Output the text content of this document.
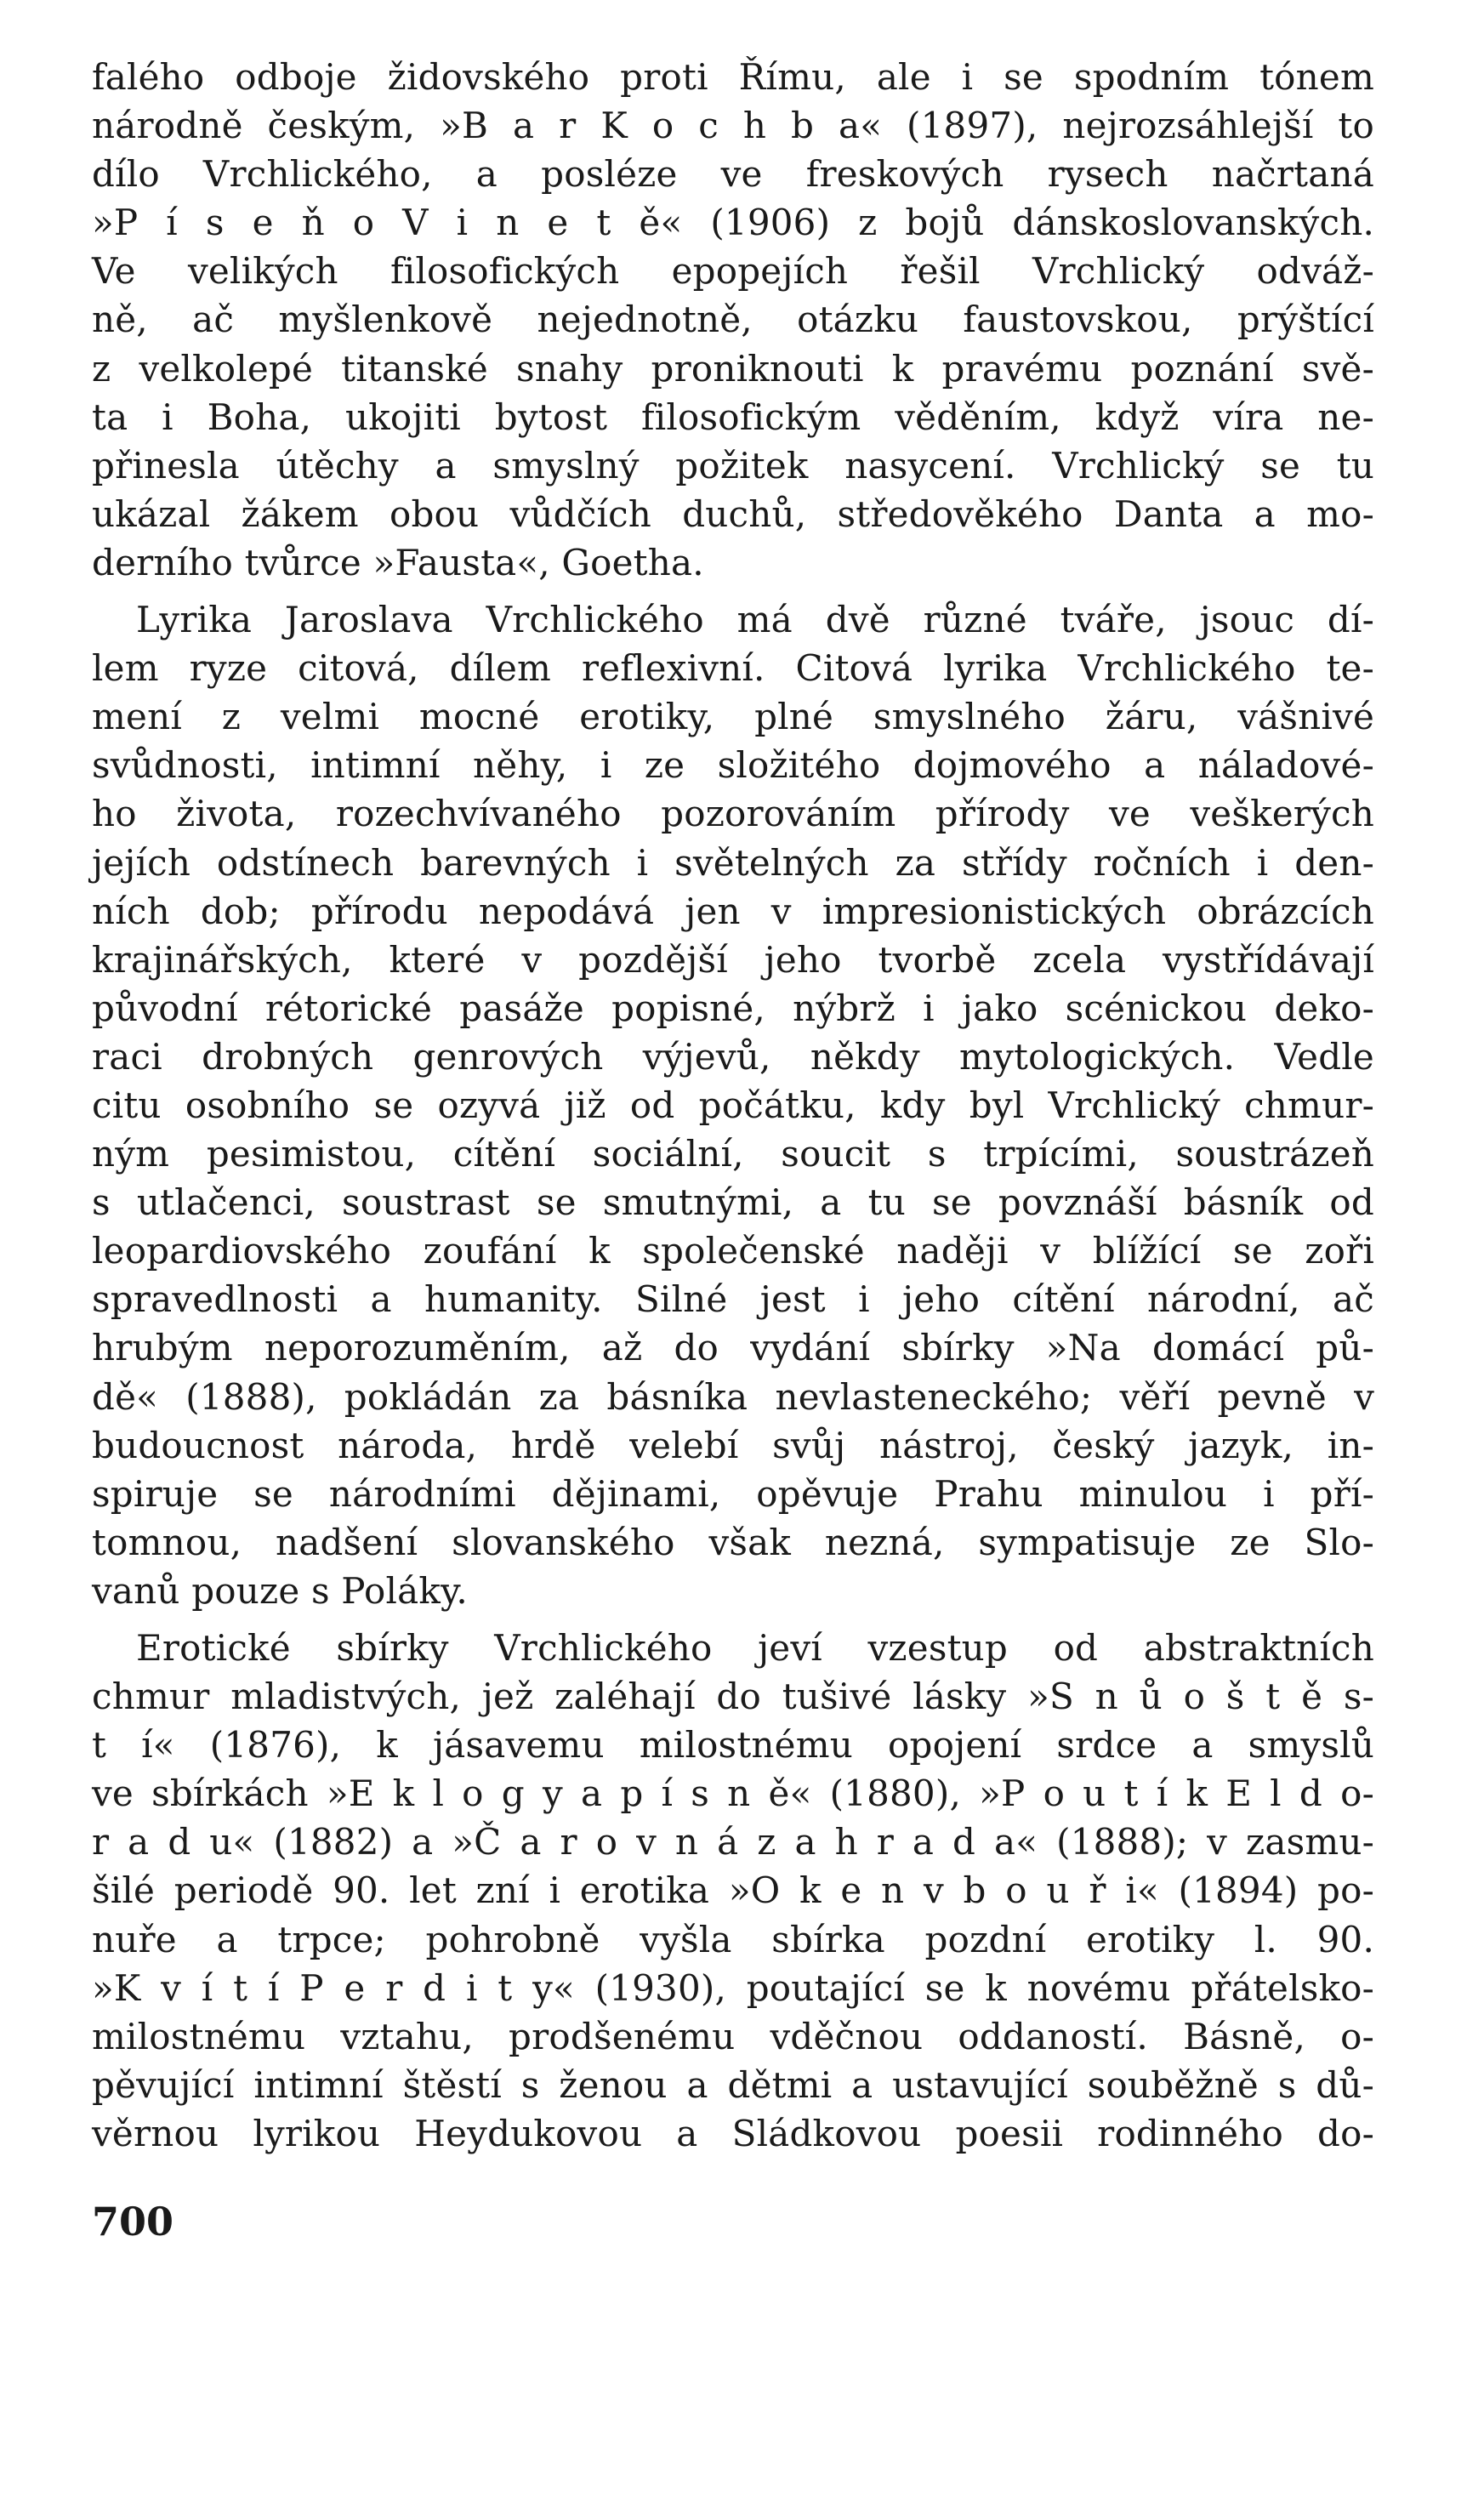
falého odboje židovského proti Římu, ale i se spodním tónem
národně českým, »B a r K o c h b a« (1897), nejrozsáhlejší to
dílo Vrchlického, a posléze ve freskových rysech načrtaná
»P í s e ň o V i n e t ě« (1906) z bojů dánskoslovanských.
Ve velikých filosofických epopejích řešil Vrchlický odváž-
ně, ač myšlenkově nejednotně, otázku faustovskou, prýštící
z velkolepé titanské snahy proniknouti k pravému poznání svě-
ta i Boha, ukojiti bytost filosofickým věděním, když víra ne-
přinesla útěchy a smyslný požitek nasycení. Vrchlický se tu
ukázal žákem obou vůdčích duchů, středověkého Danta a mo-
derního tvůrce »Fausta«, Goetha.
Lyrika Jaroslava Vrchlického má dvě různé tváře, jsouc dí-
lem ryze citová, dílem reflexivní. Citová lyrika Vrchlického te-
mení z velmi mocné erotiky, plné smyslného žáru, vášnivé
svůdnosti, intimní něhy, i ze složitého dojmového a náladové-
ho života, rozechvívaného pozorováním přírody ve veškerých
jejích odstínech barevných i světelných za střídy ročních i den-
ních dob; přírodu nepodává jen v impresionistických obrázcích
krajinářských, které v pozdější jeho tvorbě zcela vystřídávají
původní rétorické pasáže popisné, nýbrž i jako scénickou deko-
raci drobných genrových výjevů, někdy mytologických. Vedle
citu osobního se ozyvá již od počátku, kdy byl Vrchlický chmur-
ným pesimistou, cítění sociální, soucit s trpícími, soustrázeň
s utlačenci, soustrast se smutnými, a tu se povznáší básník od
leopardiovského zoufání k společenské naději v blížící se zoři
spravedlnosti a humanity. Silné jest i jeho cítění národní, ač
hrubým neporozuměním, až do vydání sbírky »Na domácí pů-
dě« (1888), pokládán za básníka nevlasteneckého; věří pevně v
budoucnost národa, hrdě velebí svůj nástroj, český jazyk, in-
spiruje se národními dějinami, opěvuje Prahu minulou i pří-
tomnou, nadšení slovanského však nezná, sympatisuje ze Slo-
vanů pouze s Poláky.
Erotické sbírky Vrchlického jeví vzestup od abstraktních
chmur mladistvých, jež zaléhají do tušivé lásky »S n ů o š t ě s-
t í« (1876), k jásavemu milostnému opojení srdce a smyslů
ve sbírkách »E k l o g y a p í s n ě« (1880), »P o u t í k E l d o-
r a d u« (1882) a »Č a r o v n á z a h r a d a« (1888); v zasmu-
šilé periodě 90. let zní i erotika »O k e n v b o u ř i« (1894) po-
nuře a trpce; pohrobně vyšla sbírka pozdní erotiky l. 90.
»K v í t í P e r d i t y« (1930), poutající se k novému přátelsko-
milostnému vztahu, prodšenému vděčnou oddaností. Básně, o-
pěvující intimní štěstí s ženou a dětmi a ustavující souběžně s dů-
věrnou lyrikou Heydukovou a Sládkovou poesii rodinného do-
700
